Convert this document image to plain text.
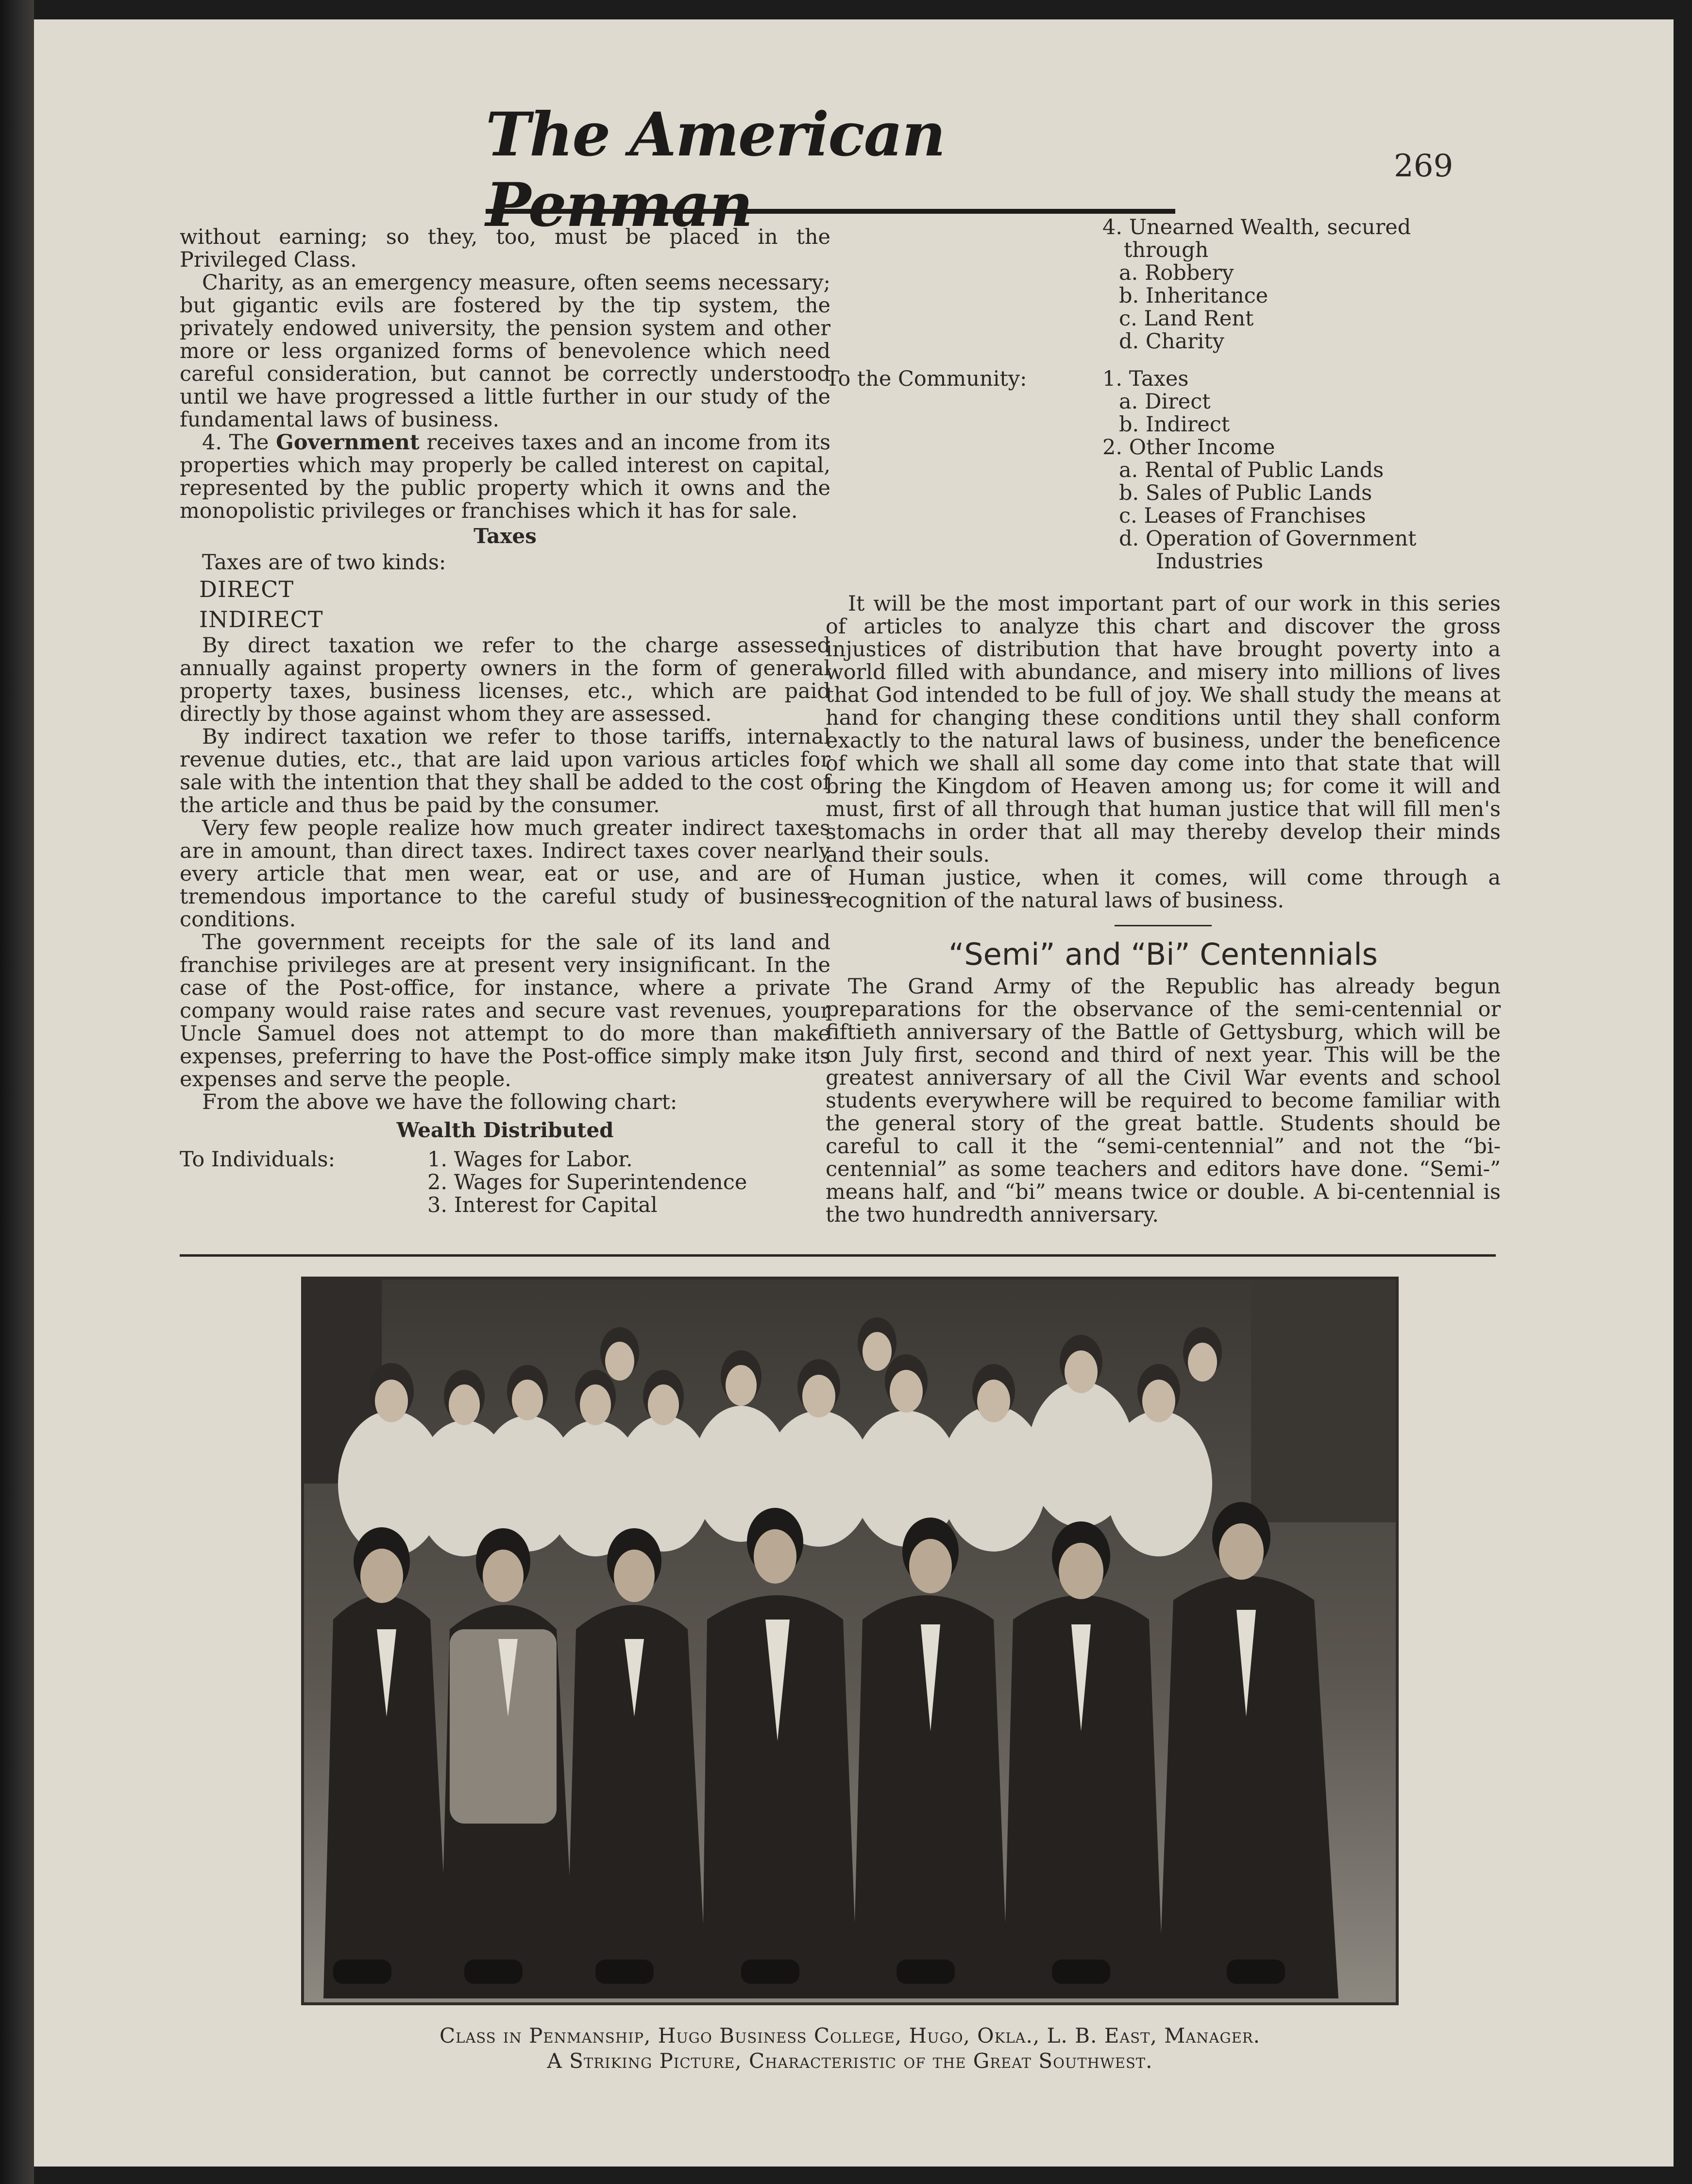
The American Penman
269

without earning; so they, too, must be placed in the Privileged Class.

Charity, as an emergency measure, often seems necessary; but gigantic evils are fostered by the tip system, the privately endowed university, the pension system and other more or less organized forms of benevolence which need careful consideration, but cannot be correctly understood until we have progressed a little further in our study of the fundamental laws of business.

4. The Government receives taxes and an income from its properties which may properly be called interest on capital, represented by the public property which it owns and the monopolistic privileges or franchises which it has for sale.

Taxes

Taxes are of two kinds:

DIRECT
INDIRECT

By direct taxation we refer to the charge assessed annually against property owners in the form of general property taxes, business licenses, etc., which are paid directly by those against whom they are assessed.

By indirect taxation we refer to those tariffs, internal revenue duties, etc., that are laid upon various articles for sale with the intention that they shall be added to the cost of the article and thus be paid by the consumer.

Very few people realize how much greater indirect taxes are in amount, than direct taxes. Indirect taxes cover nearly every article that men wear, eat or use, and are of tremendous importance to the careful study of business conditions.

The government receipts for the sale of its land and franchise privileges are at present very insignificant. In the case of the Post-office, for instance, where a private company would raise rates and secure vast revenues, your Uncle Samuel does not attempt to do more than make expenses, preferring to have the Post-office simply make its expenses and serve the people.

From the above we have the following chart:

Wealth Distributed
To Individuals:	1. Wages for Labor.
2. Wages for Superintendence
3. Interest for Capital
4. Unearned Wealth, secured
through
a. Robbery
b. Inheritance
c. Land Rent
d. Charity
To the Community:	1. Taxes
a. Direct
b. Indirect
2. Other Income
a. Rental of Public Lands
b. Sales of Public Lands
c. Leases of Franchises
d. Operation of Government
Industries

It will be the most important part of our work in this series of articles to analyze this chart and discover the gross injustices of distribution that have brought poverty into a world filled with abundance, and misery into millions of lives that God intended to be full of joy. We shall study the means at hand for changing these conditions until they shall conform exactly to the natural laws of business, under the beneficence of which we shall all some day come into that state that will bring the Kingdom of Heaven among us; for come it will and must, first of all through that human justice that will fill men's stomachs in order that all may thereby develop their minds and their souls.

Human justice, when it comes, will come through a recognition of the natural laws of business.

“Semi” and “Bi” Centennials

The Grand Army of the Republic has already begun preparations for the observance of the semi-centennial or fiftieth anniversary of the Battle of Gettysburg, which will be on July first, second and third of next year. This will be the greatest anniversary of all the Civil War events and school students everywhere will be required to become familiar with the general story of the great battle. Students should be careful to call it the “semi-centennial” and not the “bi-centennial” as some teachers and editors have done. “Semi-” means half, and “bi” means twice or double. A bi-centennial is the two hundredth anniversary.

Class in Penmanship, Hugo Business College, Hugo, Okla., L. B. East, Manager.
A Striking Picture, Characteristic of the Great Southwest.
